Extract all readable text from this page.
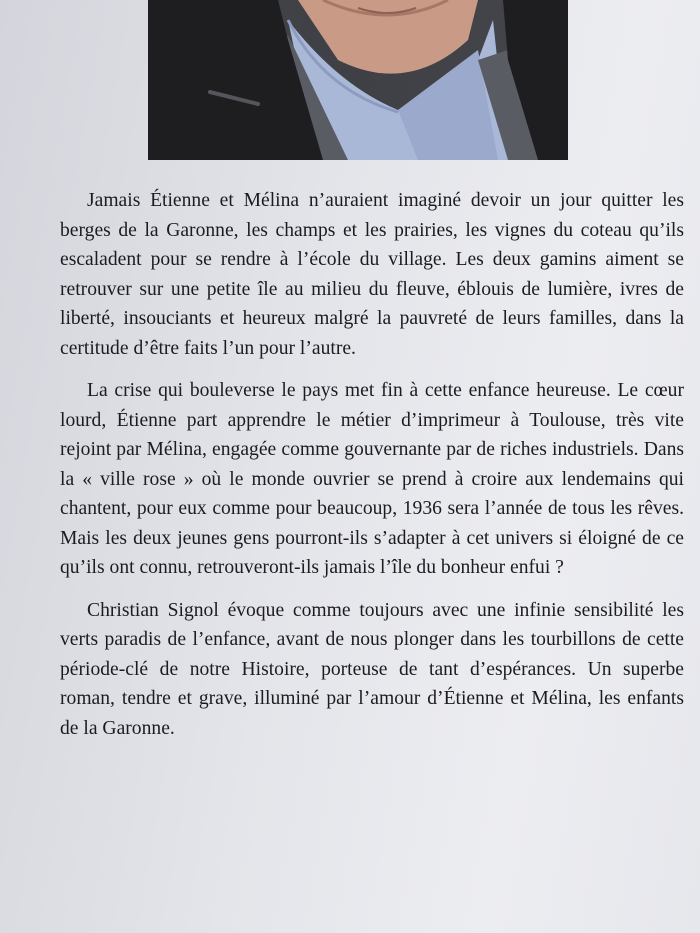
Jamais Étienne et Mélina n’auraient imaginé devoir un jour quitter les berges de la Garonne, les champs et les prairies, les vignes du coteau qu’ils escaladent pour se rendre à l’école du village. Les deux gamins aiment se retrouver sur une petite île au milieu du fleuve, éblouis de lumière, ivres de liberté, insouciants et heureux malgré la pauvreté de leurs familles, dans la certitude d’être faits l’un pour l’autre.

La crise qui bouleverse le pays met fin à cette enfance heureuse. Le cœur lourd, Étienne part apprendre le métier d’imprimeur à Toulouse, très vite rejoint par Mélina, engagée comme gouvernante par de riches industriels. Dans la « ville rose » où le monde ouvrier se prend à croire aux lendemains qui chantent, pour eux comme pour beaucoup, 1936 sera l’année de tous les rêves. Mais les deux jeunes gens pourront-ils s’adapter à cet univers si éloigné de ce qu’ils ont connu, retrouveront-ils jamais l’île du bonheur enfui ?

Christian Signol évoque comme toujours avec une infinie sensibilité les verts paradis de l’enfance, avant de nous plonger dans les tourbillons de cette période-clé de notre Histoire, porteuse de tant d’espérances. Un superbe roman, tendre et grave, illuminé par l’amour d’Étienne et Mélina, les enfants de la Garonne.
